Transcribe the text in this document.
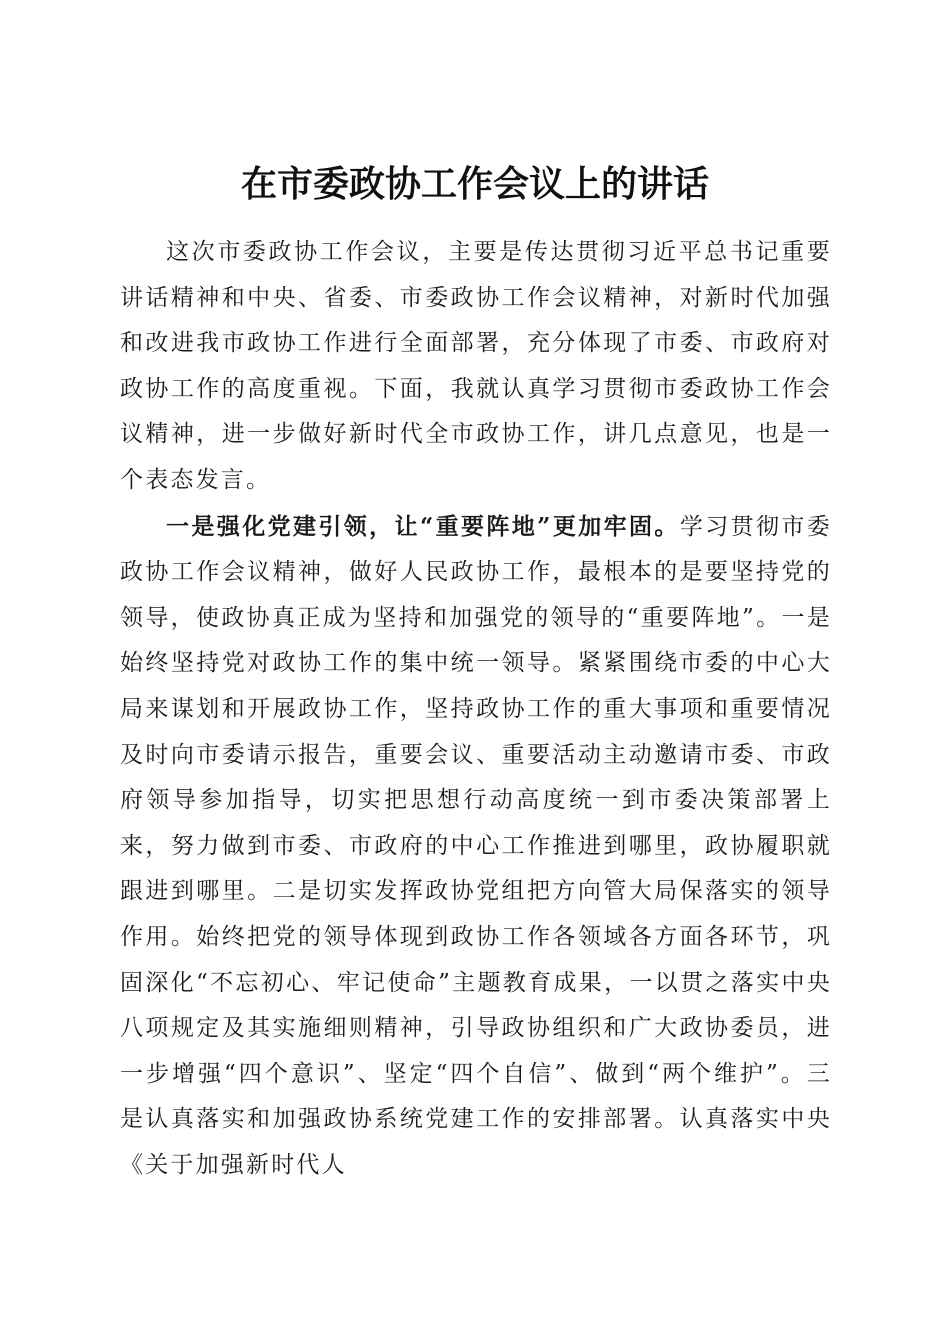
在市委政协工作会议上的讲话

这次市委政协工作会议，主要是传达贯彻习近平总书记重要讲话精神和中央、省委、市委政协工作会议精神，对新时代加强和改进我市政协工作进行全面部署，充分体现了市委、市政府对政协工作的高度重视。下面，我就认真学习贯彻市委政协工作会议精神，进一步做好新时代全市政协工作，讲几点意见，也是一个表态发言。

一是强化党建引领，让“重要阵地”更加牢固。学习贯彻市委政协工作会议精神，做好人民政协工作，最根本的是要坚持党的领导，使政协真正成为坚持和加强党的领导的“重要阵地”。一是始终坚持党对政协工作的集中统一领导。紧紧围绕市委的中心大局来谋划和开展政协工作，坚持政协工作的重大事项和重要情况及时向市委请示报告，重要会议、重要活动主动邀请市委、市政府领导参加指导，切实把思想行动高度统一到市委决策部署上来，努力做到市委、市政府的中心工作推进到哪里，政协履职就跟进到哪里。二是切实发挥政协党组把方向管大局保落实的领导作用。始终把党的领导体现到政协工作各领域各方面各环节，巩固深化“不忘初心、牢记使命”主题教育成果，一以贯之落实中央八项规定及其实施细则精神，引导政协组织和广大政协委员，进一步增强“四个意识”、坚定“四个自信”、做到“两个维护”。三是认真落实和加强政协系统党建工作的安排部署。认真落实中央《关于加强新时代人
